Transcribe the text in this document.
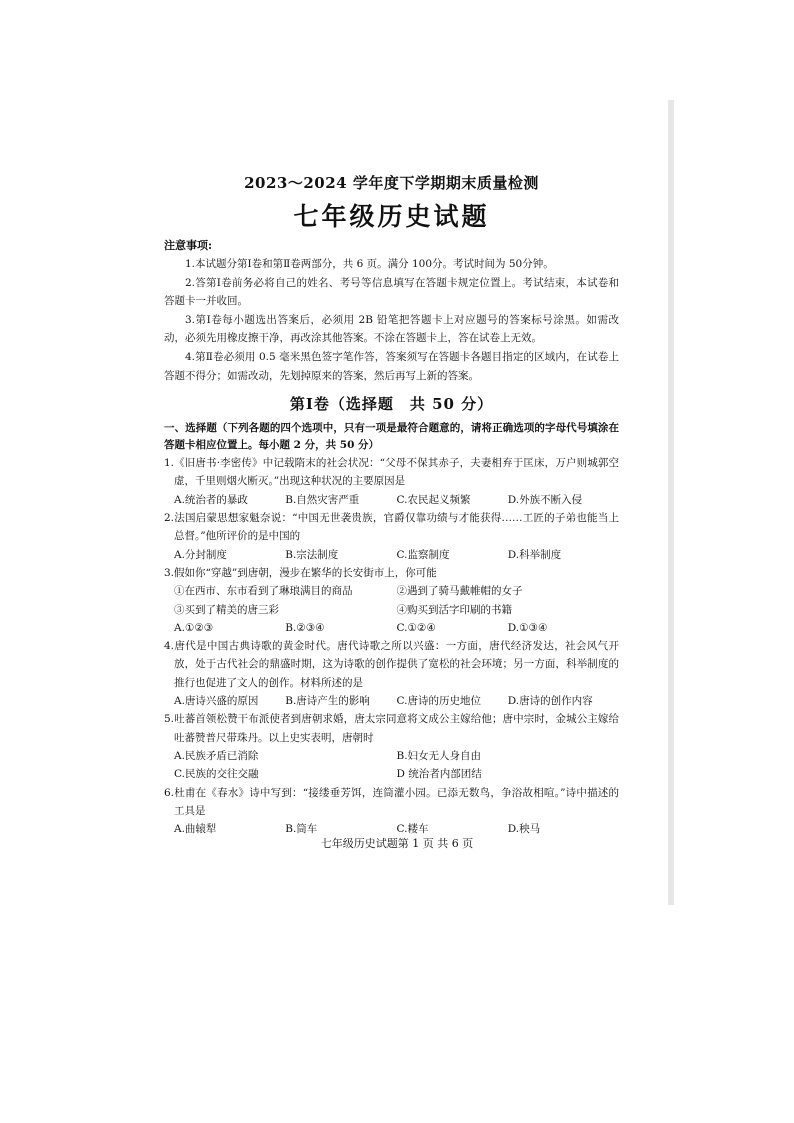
2023～2024 学年度下学期期末质量检测
七年级历史试题
注意事项:

1.本试题分第Ⅰ卷和第Ⅱ卷两部分，共 6 页。满分 100分。考试时间为 50分钟。

2.答第Ⅰ卷前务必将自己的姓名、考号等信息填写在答题卡规定位置上。考试结束，本试卷和答题卡一并收回。

3.第Ⅰ卷每小题选出答案后，必须用 2B 铅笔把答题卡上对应题号的答案标号涂黑。如需改动，必须先用橡皮擦干净，再改涂其他答案。不涂在答题卡上，答在试卷上无效。

4.第Ⅱ卷必须用 0.5 毫米黑色签字笔作答，答案须写在答题卡各题目指定的区域内，在试卷上答题不得分；如需改动，先划掉原来的答案，然后再写上新的答案。

第Ⅰ卷（选择题　共 50 分）

一、选择题（下列各题的四个选项中，只有一项是最符合题意的，请将正确选项的字母代号填涂在答题卡相应位置上。每小题 2 分，共 50 分）

1.《旧唐书·李密传》中记载隋末的社会状况：“父母不保其赤子，夫妻相弃于匡床，万户则城郭空虚，千里则烟火断灭。”出现这种状况的主要原因是

A.统治者的暴政	B.自然灾害严重	C.农民起义频繁	D.外族不断入侵

2.法国启蒙思想家魁奈说：“中国无世袭贵族，官爵仅靠功绩与才能获得……工匠的子弟也能当上总督。”他所评价的是中国的

A.分封制度	B.宗法制度	C.监察制度	D.科举制度

3.假如你“穿越”到唐朝，漫步在繁华的长安街市上，你可能

①在西市、东市看到了琳琅满目的商品	②遇到了骑马戴帷帽的女子
③买到了精美的唐三彩	④购买到活字印刷的书籍
A.①②③	B.②③④	C.①②④	D.①③④

4.唐代是中国古典诗歌的黄金时代。唐代诗歌之所以兴盛：一方面，唐代经济发达，社会风气开放，处于古代社会的鼎盛时期，这为诗歌的创作提供了宽松的社会环境；另一方面，科举制度的推行也促进了文人的创作。材料所述的是

A.唐诗兴盛的原因	B.唐诗产生的影响	C.唐诗的历史地位	D.唐诗的创作内容

5.吐蕃首领松赞干布派使者到唐朝求婚，唐太宗同意将文成公主嫁给他；唐中宗时，金城公主嫁给吐蕃赞普尺带珠丹。以上史实表明，唐朝时

A.民族矛盾已消除	B.妇女无人身自由
C.民族的交往交融	D 统治者内部团结

6.杜甫在《春水》诗中写到：“接缕垂芳饵，连筒灌小园。已添无数鸟，争浴故相喧。”诗中描述的工具是

A.曲辕犁	B.筒车	C.耧车	D.秧马
七年级历史试题第 1 页 共 6 页
